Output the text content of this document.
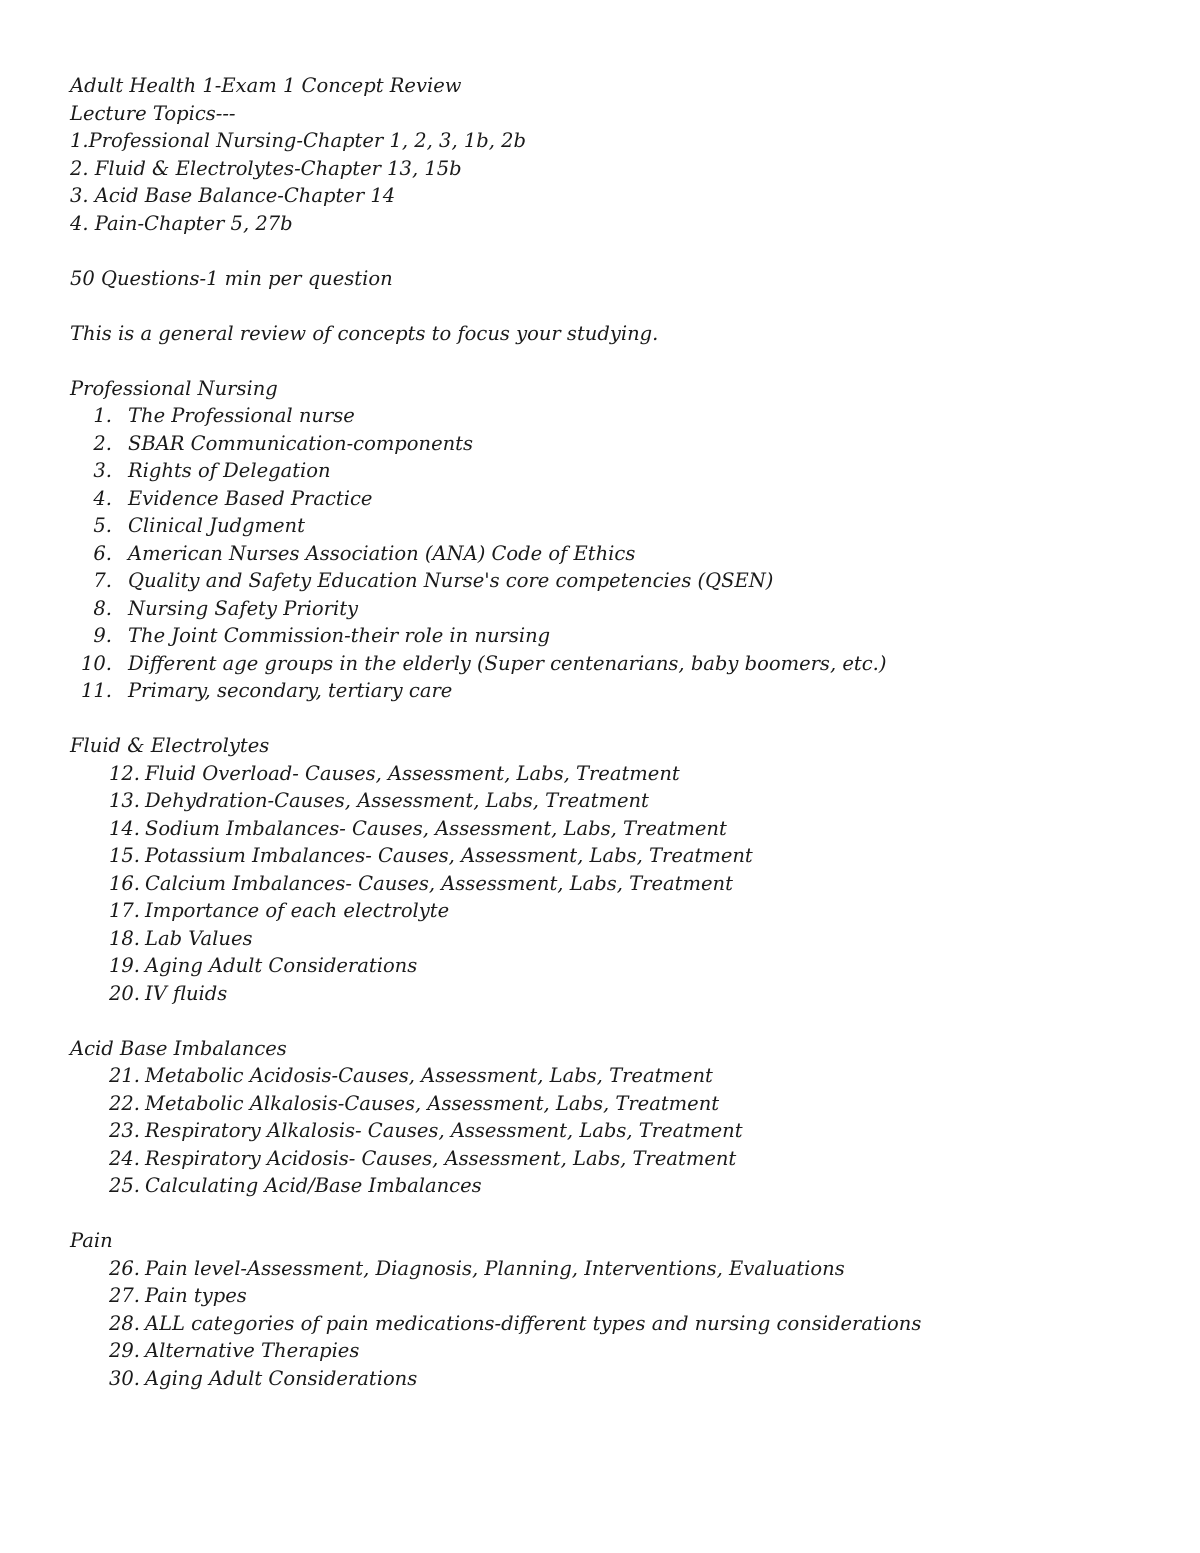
Adult Health 1-Exam 1 Concept Review
Lecture Topics---
1.Professional Nursing-Chapter 1, 2, 3, 1b, 2b
2. Fluid & Electrolytes-Chapter 13, 15b
3. Acid Base Balance-Chapter 14
4. Pain-Chapter 5, 27b
50 Questions-1 min per question
This is a general review of concepts to focus your studying.
Professional Nursing
1. The Professional nurse
2. SBAR Communication-components
3. Rights of Delegation
4. Evidence Based Practice
5. Clinical Judgment
6. American Nurses Association (ANA) Code of Ethics
7. Quality and Safety Education Nurse's core competencies (QSEN)
8. Nursing Safety Priority
9. The Joint Commission-their role in nursing
10. Different age groups in the elderly (Super centenarians, baby boomers, etc.)
11. Primary, secondary, tertiary care
Fluid & Electrolytes
12. Fluid Overload- Causes, Assessment, Labs, Treatment
13. Dehydration-Causes, Assessment, Labs, Treatment
14. Sodium Imbalances- Causes, Assessment, Labs, Treatment
15. Potassium Imbalances- Causes, Assessment, Labs, Treatment
16. Calcium Imbalances- Causes, Assessment, Labs, Treatment
17. Importance of each electrolyte
18. Lab Values
19. Aging Adult Considerations
20. IV fluids
Acid Base Imbalances
21. Metabolic Acidosis-Causes, Assessment, Labs, Treatment
22. Metabolic Alkalosis-Causes, Assessment, Labs, Treatment
23. Respiratory Alkalosis- Causes, Assessment, Labs, Treatment
24. Respiratory Acidosis- Causes, Assessment, Labs, Treatment
25. Calculating Acid/Base Imbalances
Pain
26. Pain level-Assessment, Diagnosis, Planning, Interventions, Evaluations
27. Pain types
28. ALL categories of pain medications-different types and nursing considerations
29. Alternative Therapies
30. Aging Adult Considerations
